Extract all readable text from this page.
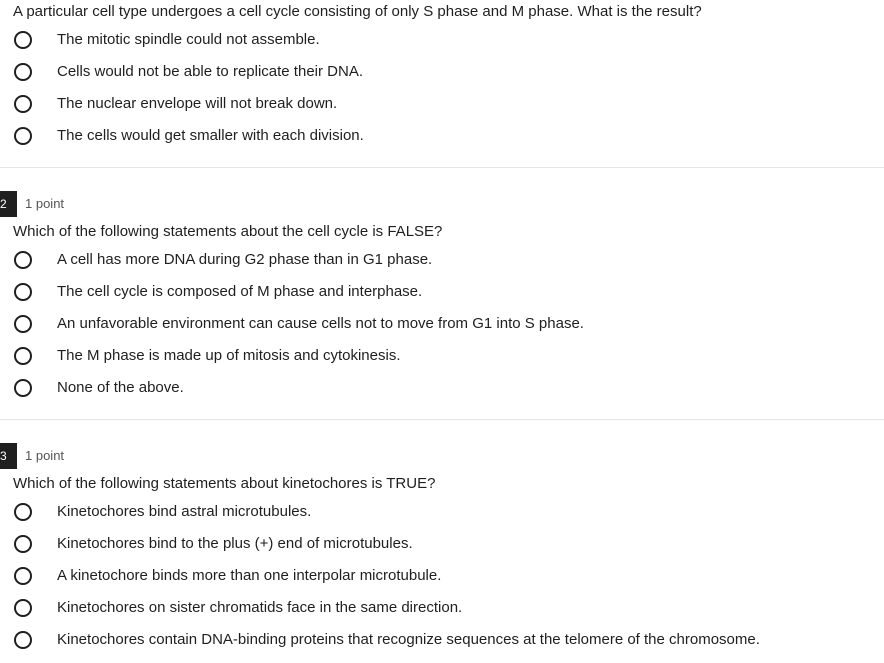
A particular cell type undergoes a cell cycle consisting of only S phase and M phase. What is the result?
The mitotic spindle could not assemble.
Cells would not be able to replicate their DNA.
The nuclear envelope will not break down.
The cells would get smaller with each division.
2	1 point
Which of the following statements about the cell cycle is FALSE?
A cell has more DNA during G2 phase than in G1 phase.
The cell cycle is composed of M phase and interphase.
An unfavorable environment can cause cells not to move from G1 into S phase.
The M phase is made up of mitosis and cytokinesis.
None of the above.
3	1 point
Which of the following statements about kinetochores is TRUE?
Kinetochores bind astral microtubules.
Kinetochores bind to the plus (+) end of microtubules.
A kinetochore binds more than one interpolar microtubule.
Kinetochores on sister chromatids face in the same direction.
Kinetochores contain DNA-binding proteins that recognize sequences at the telomere of the chromosome.
